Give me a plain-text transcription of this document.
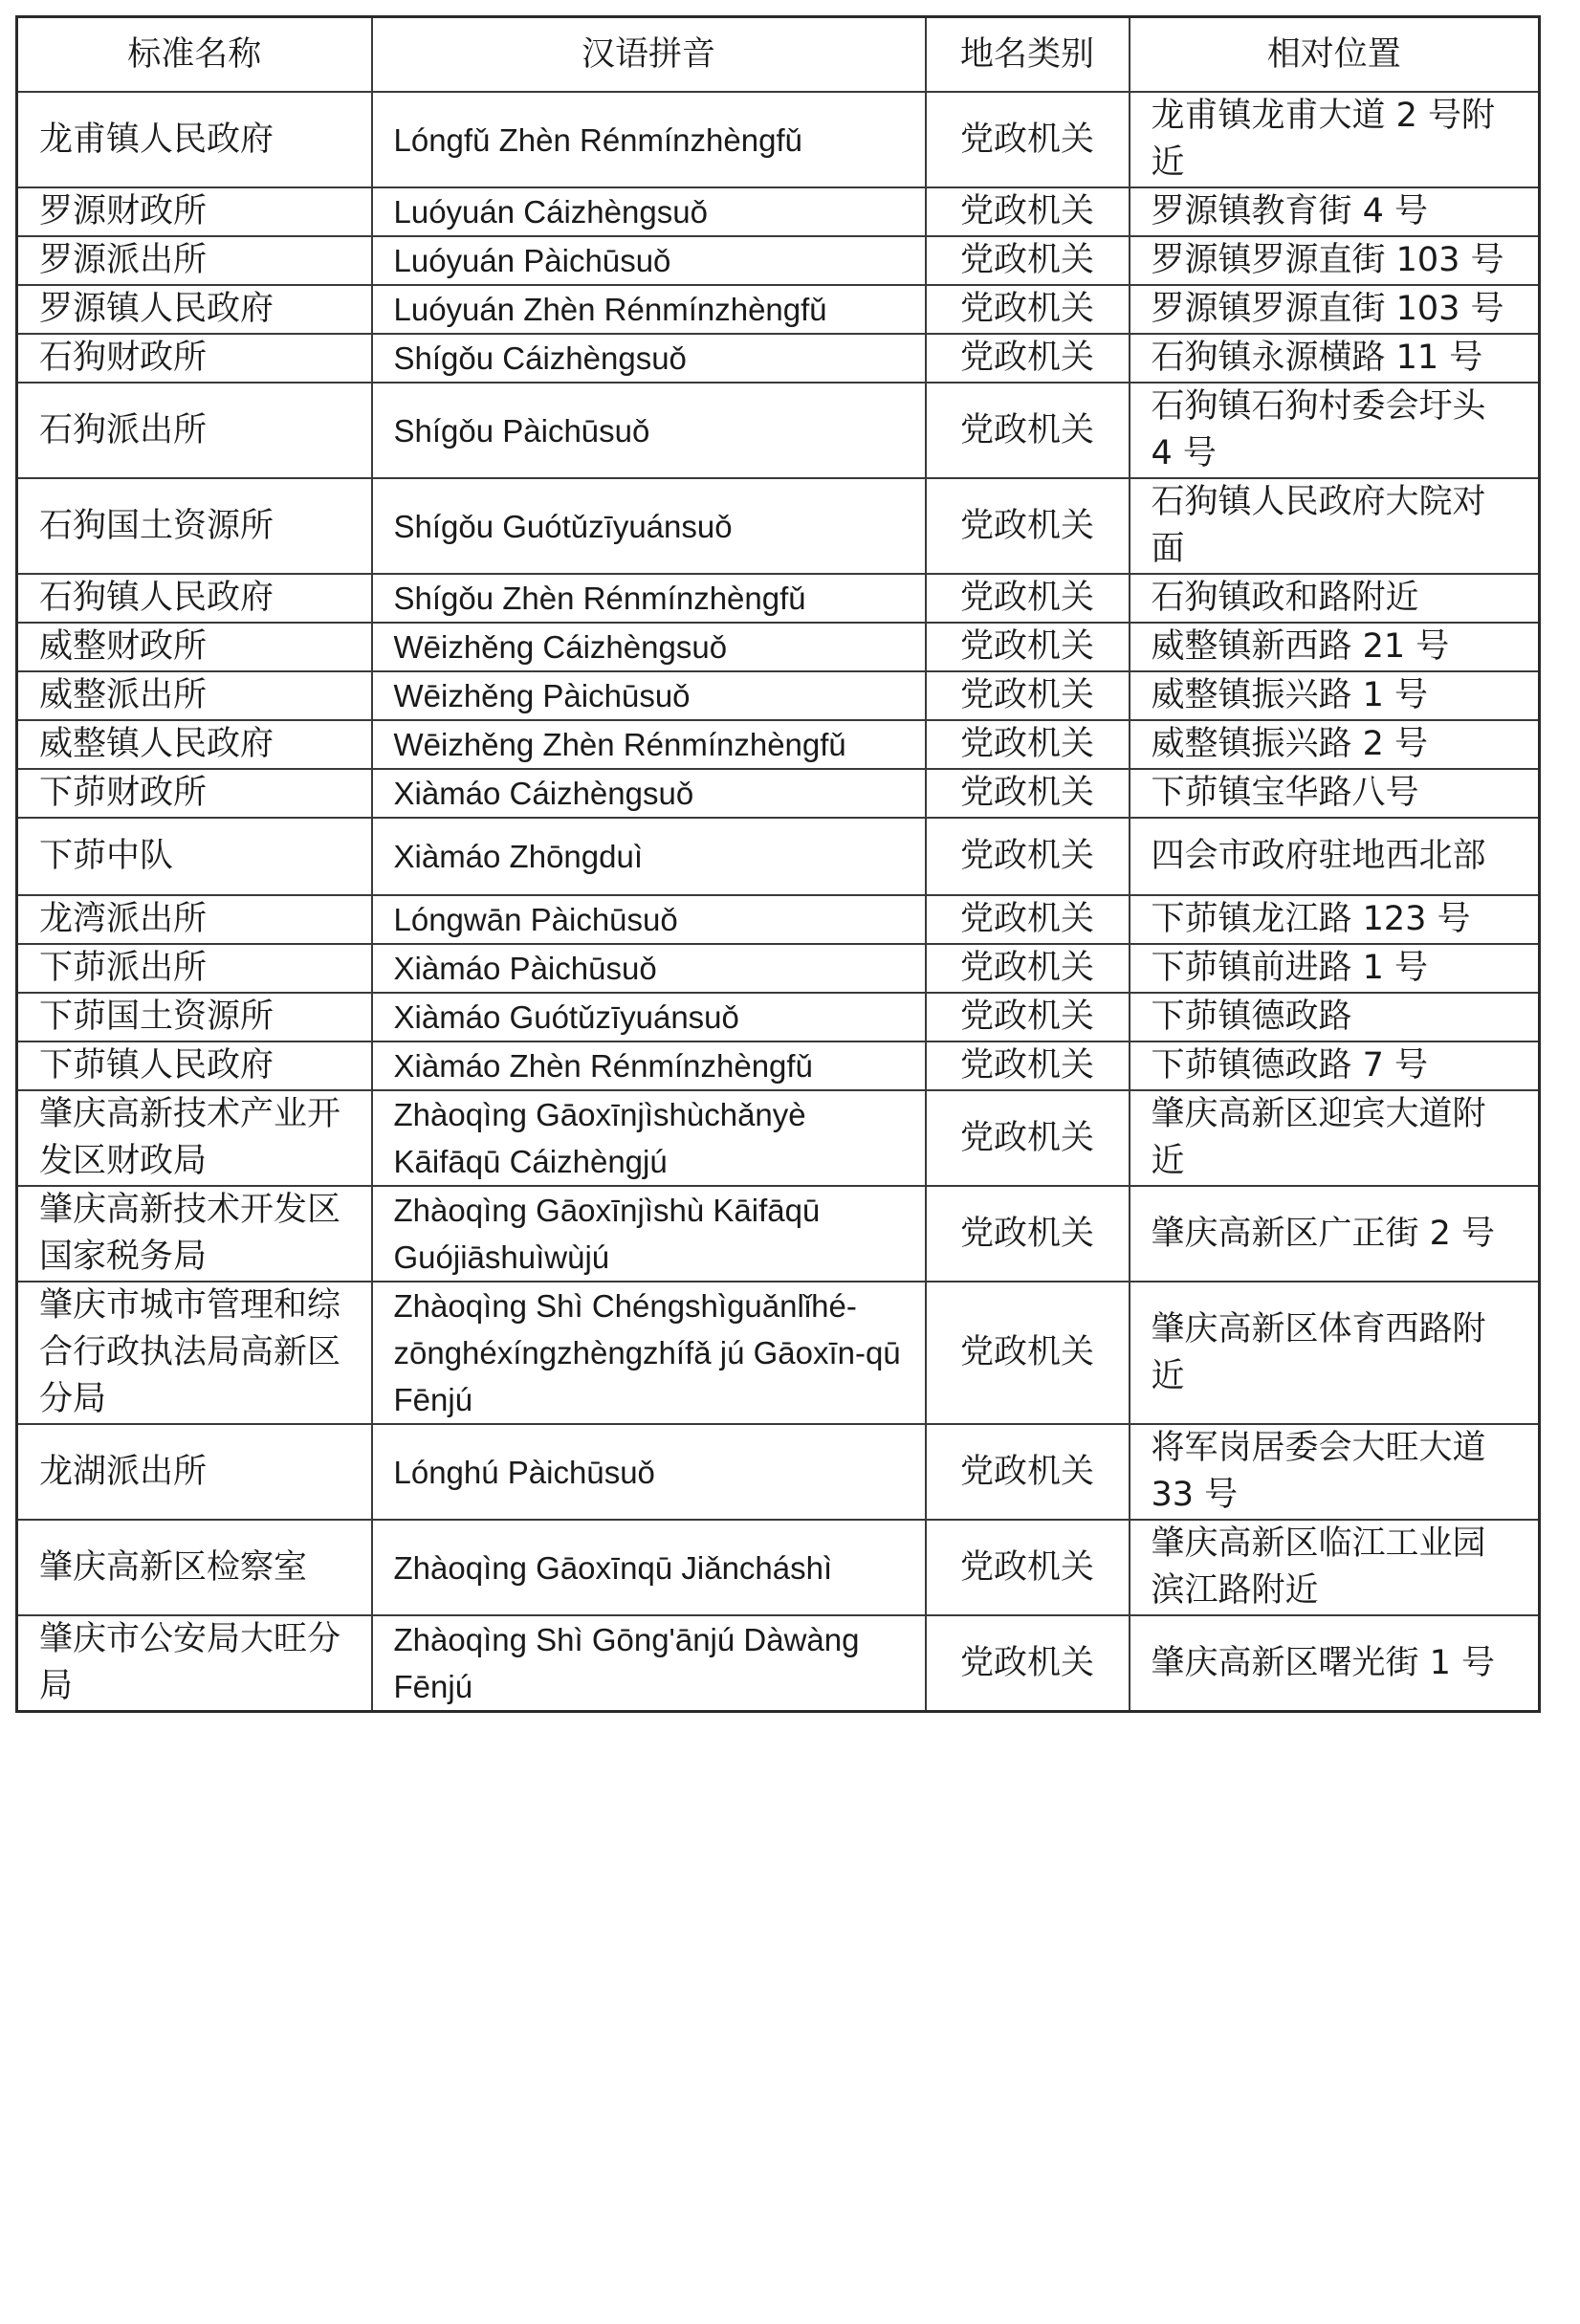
标准名称	汉语拼音	地名类别	相对位置
龙甫镇人民政府	Lóngfǔ Zhèn Rénmínzhèngfǔ	党政机关	龙甫镇龙甫大道 2 号附近
罗源财政所	Luóyuán Cáizhèngsuǒ	党政机关	罗源镇教育街 4 号
罗源派出所	Luóyuán Pàichūsuǒ	党政机关	罗源镇罗源直街 103 号
罗源镇人民政府	Luóyuán Zhèn Rénmínzhèngfǔ	党政机关	罗源镇罗源直街 103 号
石狗财政所	Shígǒu Cáizhèngsuǒ	党政机关	石狗镇永源横路 11 号
石狗派出所	Shígǒu Pàichūsuǒ	党政机关	石狗镇石狗村委会圩头 4 号
石狗国土资源所	Shígǒu Guótǔzīyuánsuǒ	党政机关	石狗镇人民政府大院对面
石狗镇人民政府	Shígǒu Zhèn Rénmínzhèngfǔ	党政机关	石狗镇政和路附近
威整财政所	Wēizhěng Cáizhèngsuǒ	党政机关	威整镇新西路 21 号
威整派出所	Wēizhěng Pàichūsuǒ	党政机关	威整镇振兴路 1 号
威整镇人民政府	Wēizhěng Zhèn Rénmínzhèngfǔ	党政机关	威整镇振兴路 2 号
下茆财政所	Xiàmáo Cáizhèngsuǒ	党政机关	下茆镇宝华路八号
下茆中队	Xiàmáo Zhōngduì	党政机关	四会市政府驻地西北部
龙湾派出所	Lóngwān Pàichūsuǒ	党政机关	下茆镇龙江路 123 号
下茆派出所	Xiàmáo Pàichūsuǒ	党政机关	下茆镇前进路 1 号
下茆国土资源所	Xiàmáo Guótǔzīyuánsuǒ	党政机关	下茆镇德政路
下茆镇人民政府	Xiàmáo Zhèn Rénmínzhèngfǔ	党政机关	下茆镇德政路 7 号
肇庆高新技术产业开发区财政局	Zhàoqìng Gāoxīnjìshùchǎnyè Kāifāqū Cáizhèngjú	党政机关	肇庆高新区迎宾大道附近
肇庆高新技术开发区国家税务局	Zhàoqìng Gāoxīnjìshù Kāifāqū Guójiāshuìwùjú	党政机关	肇庆高新区广正街 2 号
肇庆市城市管理和综合行政执法局高新区分局	Zhàoqìng Shì Chéngshìguǎnlǐhé-zōnghéxíngzhèngzhífǎ jú Gāoxīn-qū Fēnjú	党政机关	肇庆高新区体育西路附近
龙湖派出所	Lónghú Pàichūsuǒ	党政机关	将军岗居委会大旺大道 33 号
肇庆高新区检察室	Zhàoqìng Gāoxīnqū Jiǎncháshì	党政机关	肇庆高新区临江工业园滨江路附近
肇庆市公安局大旺分局	Zhàoqìng Shì Gōng'ānjú Dàwàng Fēnjú	党政机关	肇庆高新区曙光街 1 号
